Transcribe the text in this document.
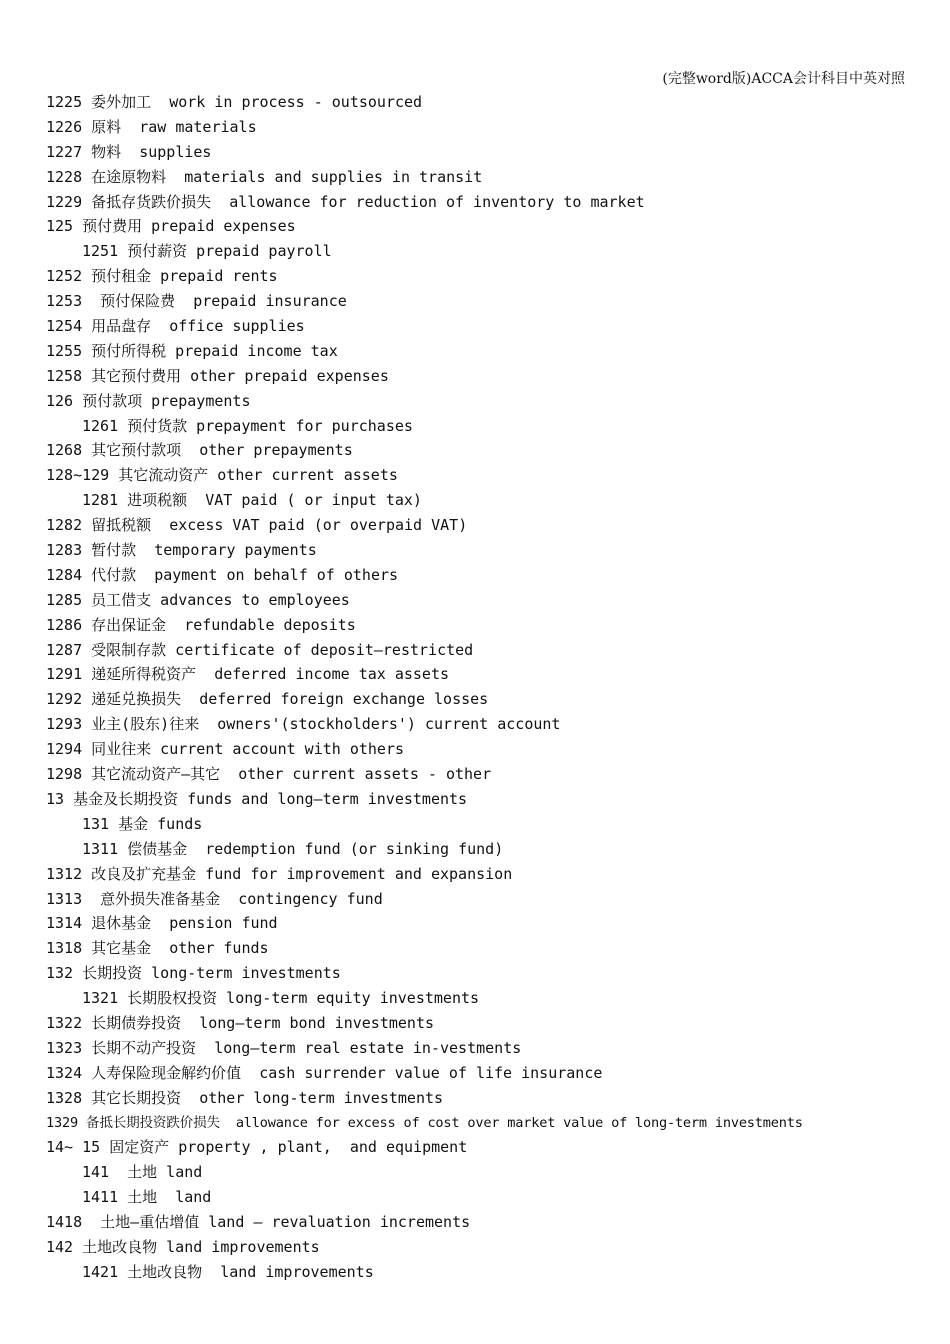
(完整word版)ACCA会计科目中英对照
1225 委外加工  work in process - outsourced
1226 原料  raw materials
1227 物料  supplies
1228 在途原物料  materials and supplies in transit
1229 备抵存货跌价损失  allowance for reduction of inventory to market
125 预付费用 prepaid expenses
1251 预付薪资 prepaid payroll
1252 预付租金 prepaid rents
1253  预付保险费  prepaid insurance
1254 用品盘存  office supplies
1255 预付所得税 prepaid income tax
1258 其它预付费用 other prepaid expenses
126 预付款项 prepayments
1261 预付货款 prepayment for purchases
1268 其它预付款项  other prepayments
128~129 其它流动资产 other current assets
1281 进项税额  VAT paid ( or input tax)
1282 留抵税额  excess VAT paid (or overpaid VAT)
1283 暂付款  temporary payments
1284 代付款  payment on behalf of others
1285 员工借支 advances to employees
1286 存出保证金  refundable deposits
1287 受限制存款 certificate of deposit—restricted
1291 递延所得税资产  deferred income tax assets
1292 递延兑换损失  deferred foreign exchange losses
1293 业主(股东)往来  owners'(stockholders') current account
1294 同业往来 current account with others
1298 其它流动资产—其它  other current assets - other
13 基金及长期投资 funds and long—term investments
131 基金 funds
1311 偿债基金  redemption fund (or sinking fund)
1312 改良及扩充基金 fund for improvement and expansion
1313  意外损失准备基金  contingency fund
1314 退休基金  pension fund
1318 其它基金  other funds
132 长期投资 long-term investments
1321 长期股权投资 long-term equity investments
1322 长期债券投资  long—term bond investments
1323 长期不动产投资  long—term real estate in-vestments
1324 人寿保险现金解约价值  cash surrender value of life insurance
1328 其它长期投资  other long-term investments
1329 备抵长期投资跌价损失  allowance for excess of cost over market value of long-term investments
14~ 15 固定资产 property , plant,  and equipment
141  土地 land
1411 土地  land
1418  土地—重估增值 land — revaluation increments
142 土地改良物 land improvements
1421 土地改良物  land improvements
